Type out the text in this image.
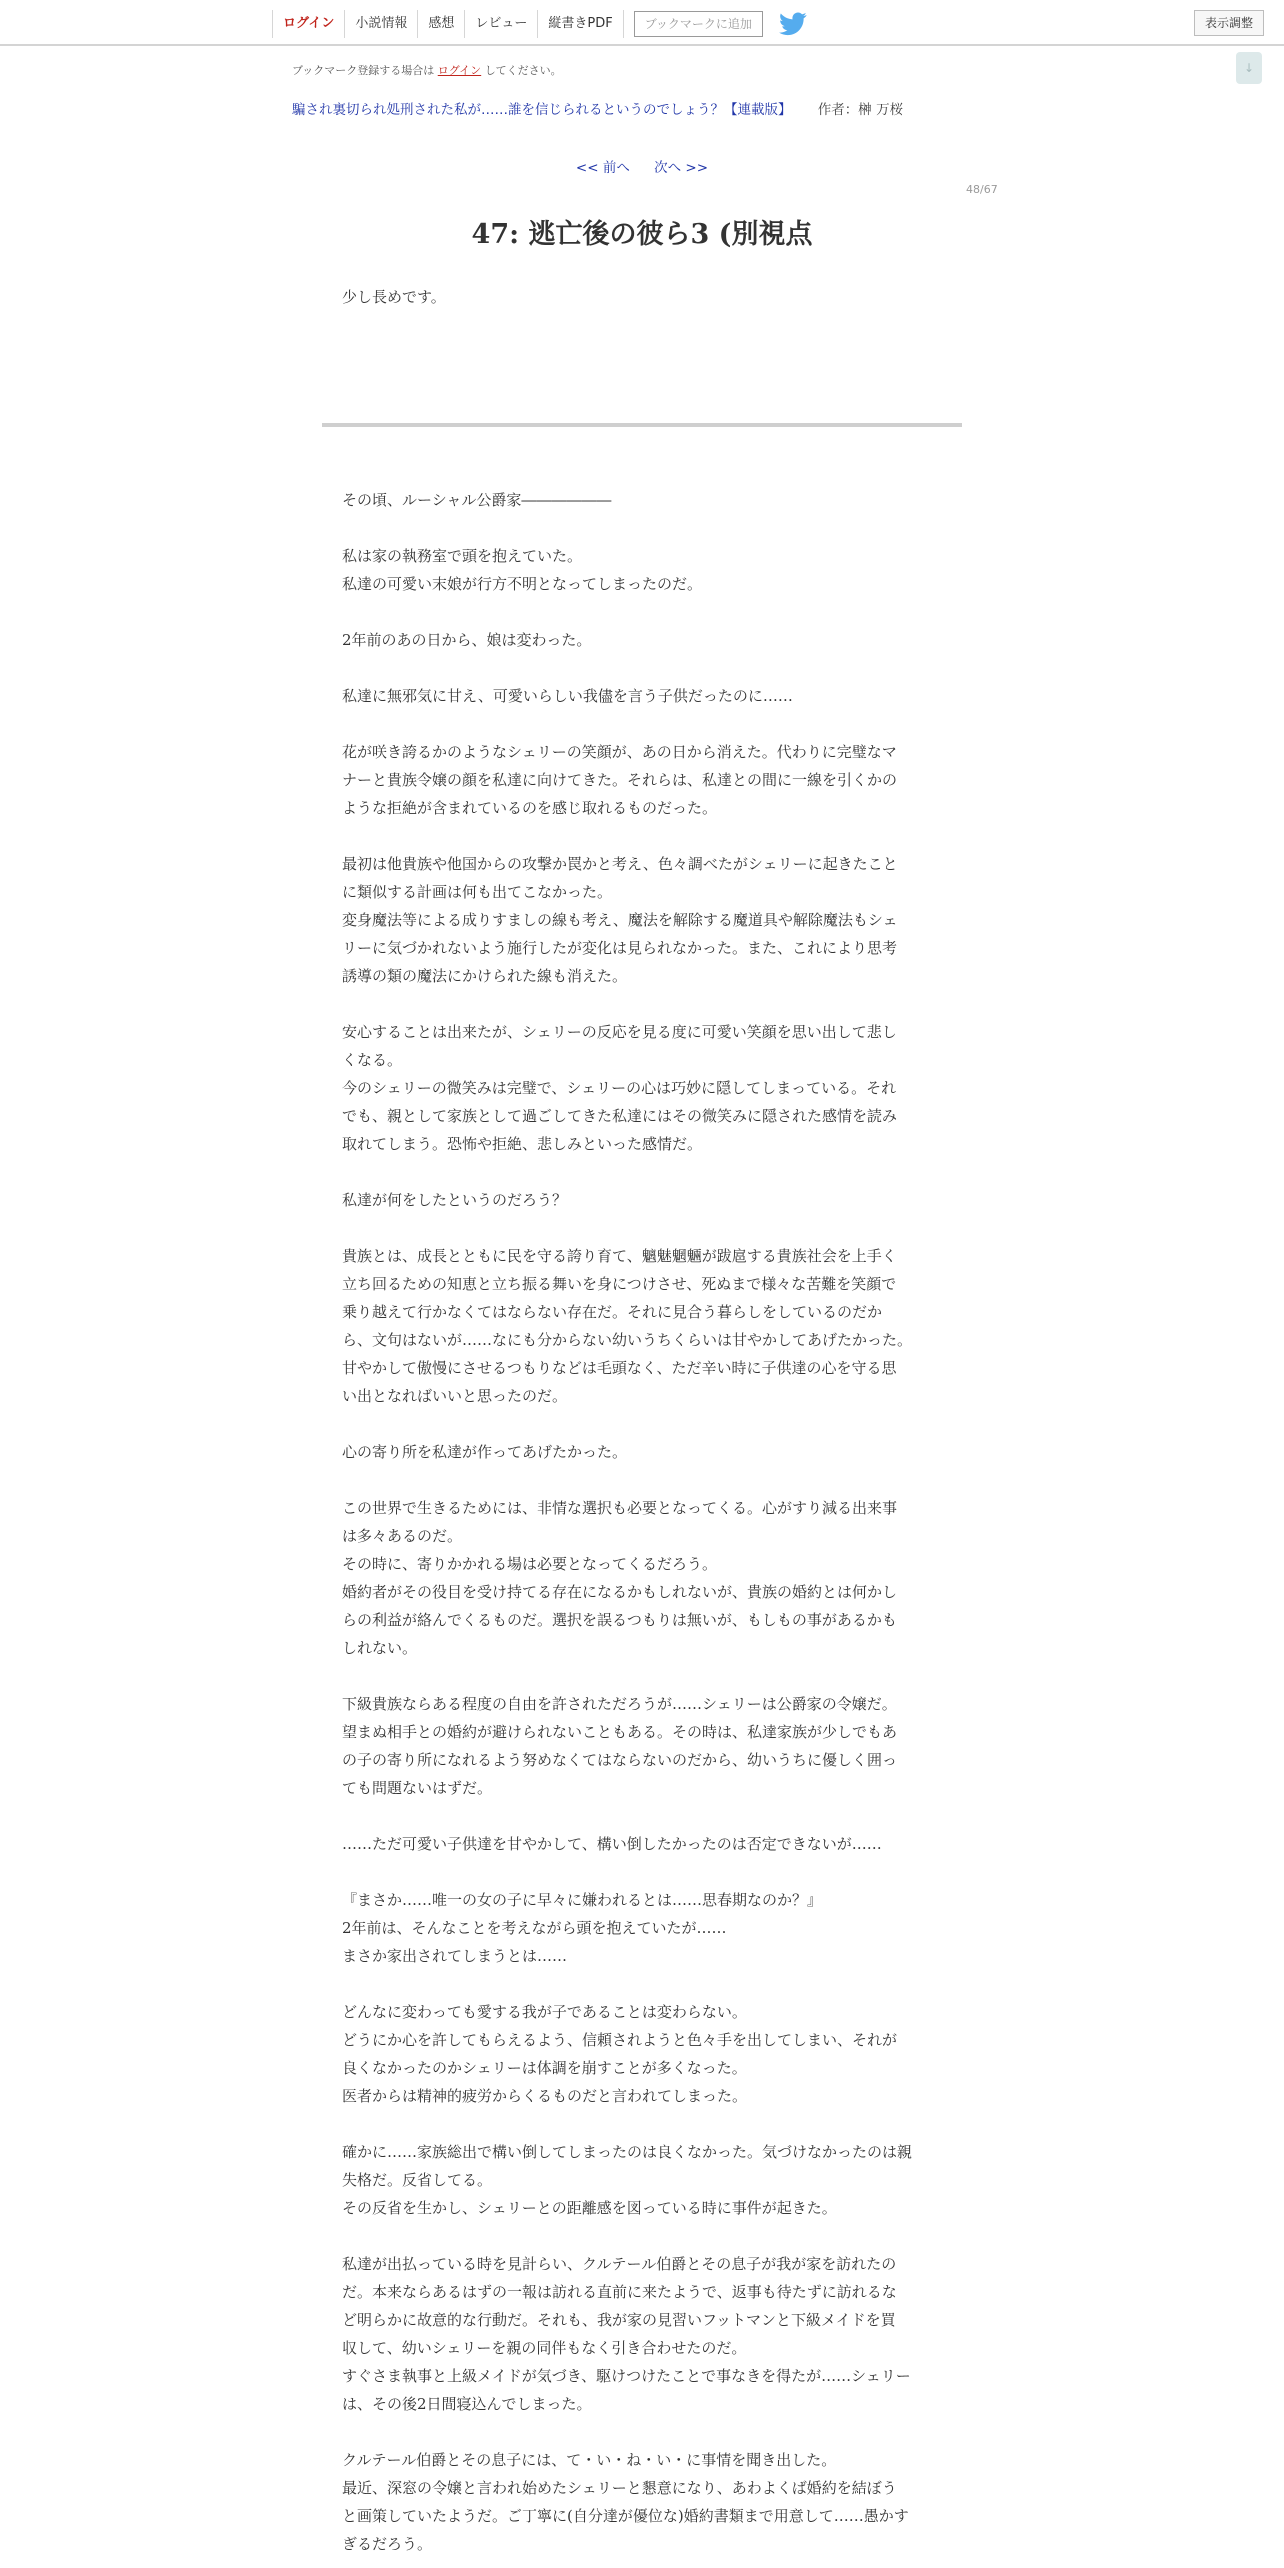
ログイン	小説情報	感想	レビュー	縦書きPDF	ブックマークに追加	表示調整
↓
ブックマーク登録する場合は ログイン してください。
騙され裏切られ処刑された私が……誰を信じられるというのでしょう？【連載版】 作者：榊 万桜
<< 前へ 次へ >>
48/67
47: 逃亡後の彼ら3 (別視点
少し長めです。
その頃、ルーシャル公爵家――――――
私は家の執務室で頭を抱えていた。
私達の可愛い末娘が行方不明となってしまったのだ。
2年前のあの日から、娘は変わった。
私達に無邪気に甘え、可愛いらしい我儘を言う子供だったのに……
花が咲き誇るかのようなシェリーの笑顔が、あの日から消えた。代わりに完璧なマ
ナーと貴族令嬢の顔を私達に向けてきた。それらは、私達との間に一線を引くかの
ような拒絶が含まれているのを感じ取れるものだった。
最初は他貴族や他国からの攻撃か罠かと考え、色々調べたがシェリーに起きたこと
に類似する計画は何も出てこなかった。
変身魔法等による成りすましの線も考え、魔法を解除する魔道具や解除魔法もシェ
リーに気づかれないよう施行したが変化は見られなかった。また、これにより思考
誘導の類の魔法にかけられた線も消えた。
安心することは出来たが、シェリーの反応を見る度に可愛い笑顔を思い出して悲し
くなる。
今のシェリーの微笑みは完璧で、シェリーの心は巧妙に隠してしまっている。それ
でも、親として家族として過ごしてきた私達にはその微笑みに隠された感情を読み
取れてしまう。恐怖や拒絶、悲しみといった感情だ。
私達が何をしたというのだろう？
貴族とは、成長とともに民を守る誇り育て、魑魅魍魎が跋扈する貴族社会を上手く
立ち回るための知恵と立ち振る舞いを身につけさせ、死ぬまで様々な苦難を笑顔で
乗り越えて行かなくてはならない存在だ。それに見合う暮らしをしているのだか
ら、文句はないが……なにも分からない幼いうちくらいは甘やかしてあげたかった。
甘やかして傲慢にさせるつもりなどは毛頭なく、ただ辛い時に子供達の心を守る思
い出となればいいと思ったのだ。
心の寄り所を私達が作ってあげたかった。
この世界で生きるためには、非情な選択も必要となってくる。心がすり減る出来事
は多々あるのだ。
その時に、寄りかかれる場は必要となってくるだろう。
婚約者がその役目を受け持てる存在になるかもしれないが、貴族の婚約とは何かし
らの利益が絡んでくるものだ。選択を誤るつもりは無いが、もしもの事があるかも
しれない。
下級貴族ならある程度の自由を許されただろうが……シェリーは公爵家の令嬢だ。
望まぬ相手との婚約が避けられないこともある。その時は、私達家族が少しでもあ
の子の寄り所になれるよう努めなくてはならないのだから、幼いうちに優しく囲っ
ても問題ないはずだ。
……ただ可愛い子供達を甘やかして、構い倒したかったのは否定できないが……
『まさか……唯一の女の子に早々に嫌われるとは……思春期なのか？』
2年前は、そんなことを考えながら頭を抱えていたが……
まさか家出されてしまうとは……
どんなに変わっても愛する我が子であることは変わらない。
どうにか心を許してもらえるよう、信頼されようと色々手を出してしまい、それが
良くなかったのかシェリーは体調を崩すことが多くなった。
医者からは精神的疲労からくるものだと言われてしまった。
確かに……家族総出で構い倒してしまったのは良くなかった。気づけなかったのは親
失格だ。反省してる。
その反省を生かし、シェリーとの距離感を図っている時に事件が起きた。
私達が出払っている時を見計らい、クルテール伯爵とその息子が我が家を訪れたの
だ。本来ならあるはずの一報は訪れる直前に来たようで、返事も待たずに訪れるな
ど明らかに故意的な行動だ。それも、我が家の見習いフットマンと下級メイドを買
収して、幼いシェリーを親の同伴もなく引き合わせたのだ。
すぐさま執事と上級メイドが気づき、駆けつけたことで事なきを得たが……シェリー
は、その後2日間寝込んでしまった。
クルテール伯爵とその息子には、て・い・ね・い・に事情を聞き出した。
最近、深窓の令嬢と言われ始めたシェリーと懇意になり、あわよくば婚約を結ぼう
と画策していたようだ。ご丁寧に(自分達が優位な)婚約書類まで用意して……愚かす
ぎるだろう。
